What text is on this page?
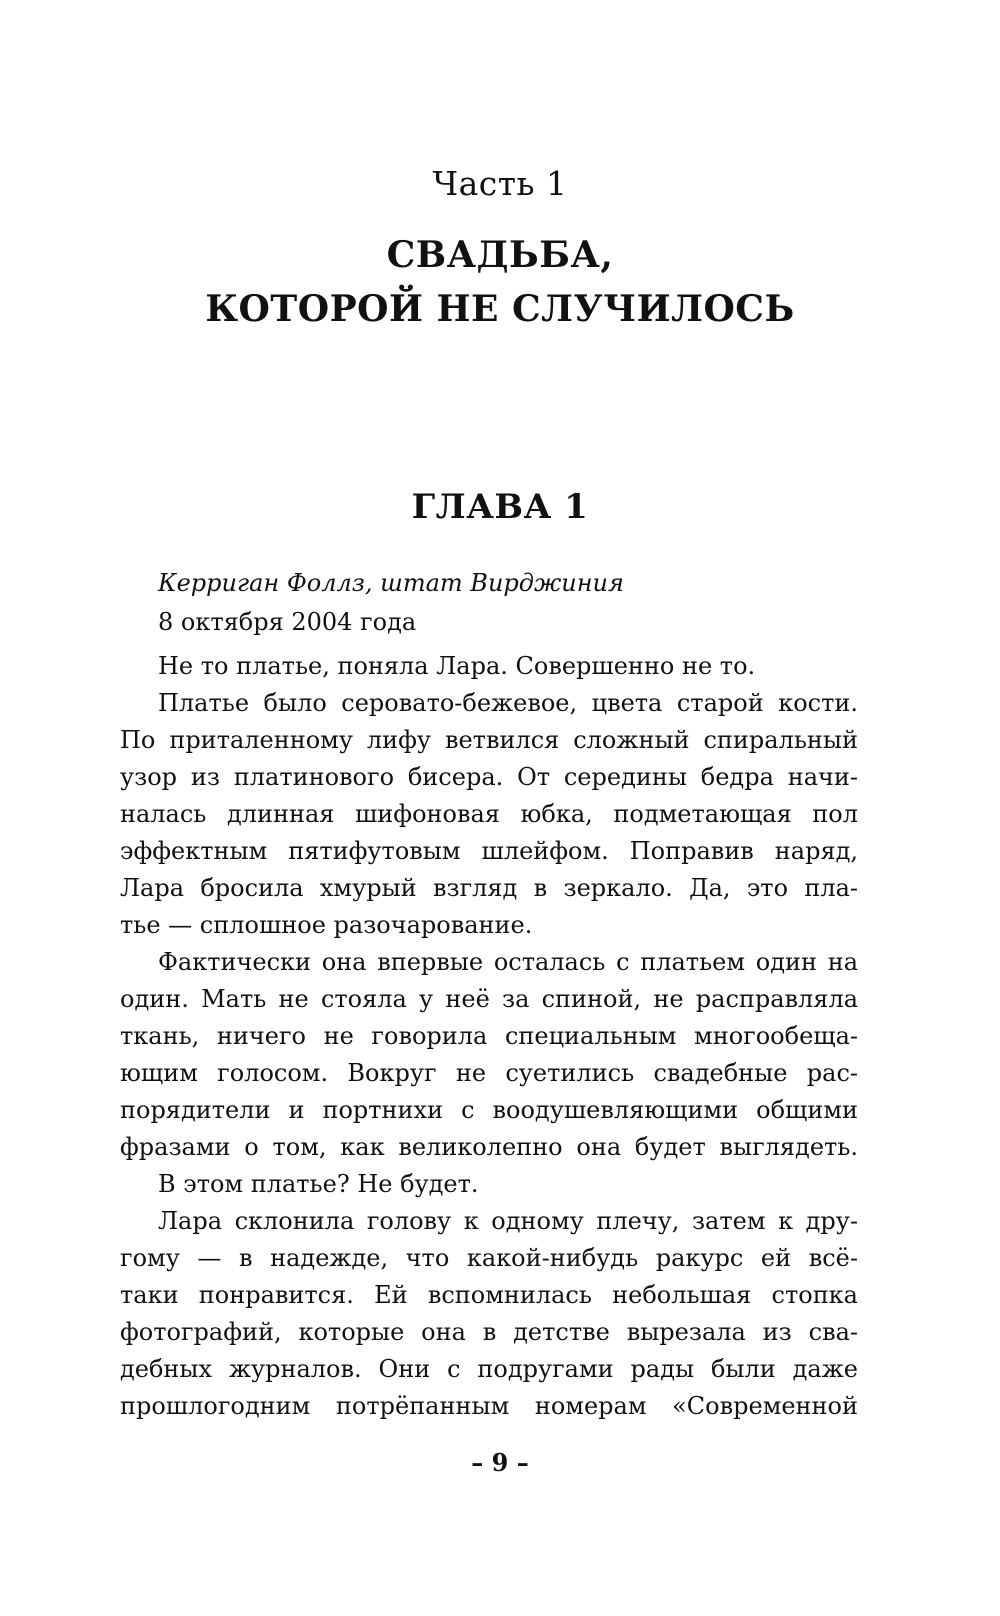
Часть 1
СВАДЬБА,
КОТОРОЙ НЕ СЛУЧИЛОСЬ
ГЛАВА 1
Керриган Фоллз, штат Вирджиния
8 октября 2004 года
Не то платье, поняла Лара. Совершенно не то.
Платье было серовато-бежевое, цвета старой кости.
По приталенному лифу ветвился сложный спиральный
узор из платинового бисера. От середины бедра начи-
налась длинная шифоновая юбка, подметающая пол
эффектным пятифутовым шлейфом. Поправив наряд,
Лара бросила хмурый взгляд в зеркало. Да, это пла-
тье — сплошное разочарование.
Фактически она впервые осталась с платьем один на
один. Мать не стояла у неё за спиной, не расправляла
ткань, ничего не говорила специальным многообеща-
ющим голосом. Вокруг не суетились свадебные рас-
порядители и портнихи с воодушевляющими общими
фразами о том, как великолепно она будет выглядеть.
В этом платье? Не будет.
Лара склонила голову к одному плечу, затем к дру-
гому — в надежде, что какой-нибудь ракурс ей всё-
таки понравится. Ей вспомнилась небольшая стопка
фотографий, которые она в детстве вырезала из сва-
дебных журналов. Они с подругами рады были даже
прошлогодним потрёпанным номерам «Современной
– 9 –
